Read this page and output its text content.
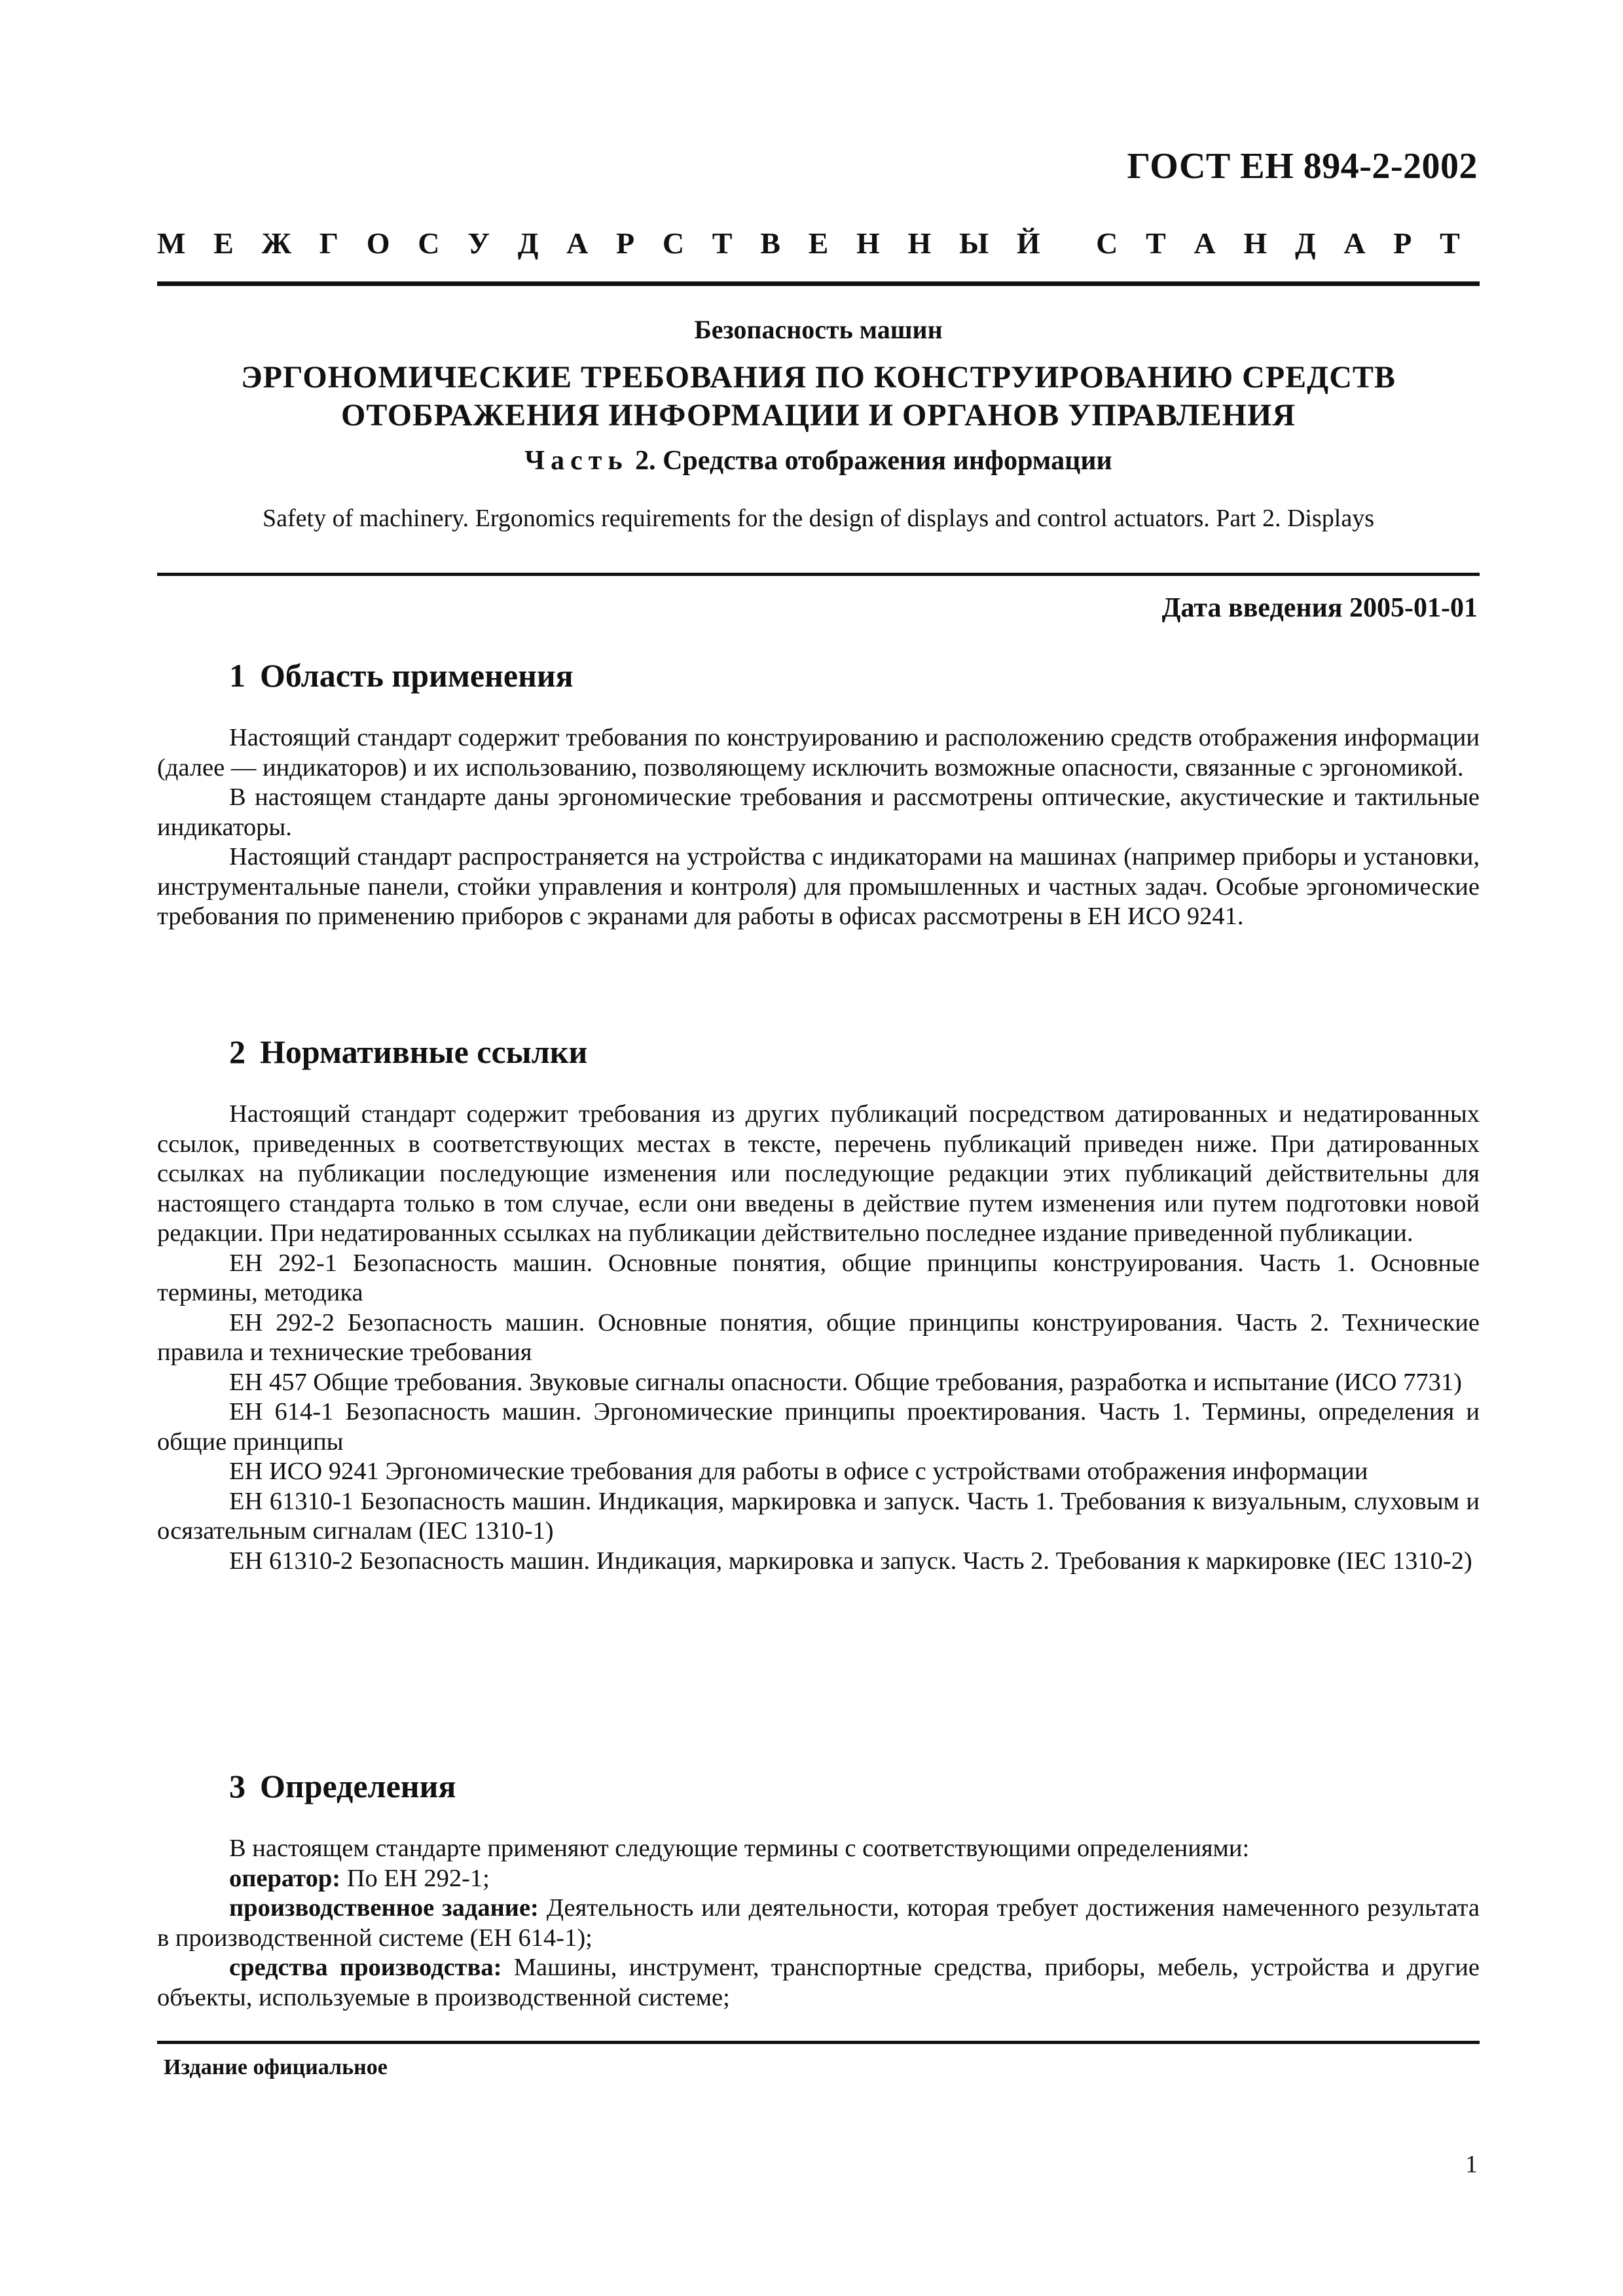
ГОСТ ЕН 894-2-2002
М Е Ж Г О С У Д А Р С Т В Е Н Н Ы Й С Т А Н Д А Р Т
Безопасность машин
ЭРГОНОМИЧЕСКИЕ ТРЕБОВАНИЯ ПО КОНСТРУИРОВАНИЮ СРЕДСТВ
ОТОБРАЖЕНИЯ ИНФОРМАЦИИ И ОРГАНОВ УПРАВЛЕНИЯ
Часть 2. Средства отображения информации
Safety of machinery. Ergonomics requirements for the design of displays and control actuators. Part 2. Displays
Дата введения 2005-01-01
1 Область применения

Настоящий стандарт содержит требования по конструированию и расположению средств отображения информации (далее — индикаторов) и их использованию, позволяющему исключить возможные опасности, связанные с эргономикой.

В настоящем стандарте даны эргономические требования и рассмотрены оптические, акустические и тактильные индикаторы.

Настоящий стандарт распространяется на устройства с индикаторами на машинах (например приборы и установки, инструментальные панели, стойки управления и контроля) для промышленных и частных задач. Особые эргономические требования по применению приборов с экранами для работы в офисах рассмотрены в ЕН ИСО 9241.

2 Нормативные ссылки

Настоящий стандарт содержит требования из других публикаций посредством датированных и недатированных ссылок, приведенных в соответствующих местах в тексте, перечень публикаций приведен ниже. При датированных ссылках на публикации последующие изменения или последующие редакции этих публикаций действительны для настоящего стандарта только в том случае, если они введены в действие путем изменения или путем подготовки новой редакции. При недатированных ссылках на публикации действительно последнее издание приведенной публикации.

ЕН 292-1 Безопасность машин. Основные понятия, общие принципы конструирования. Часть 1. Основные термины, методика

ЕН 292-2 Безопасность машин. Основные понятия, общие принципы конструирования. Часть 2. Технические правила и технические требования

ЕН 457 Общие требования. Звуковые сигналы опасности. Общие требования, разработка и испытание (ИСО 7731)

ЕН 614-1 Безопасность машин. Эргономические принципы проектирования. Часть 1. Термины, определения и общие принципы

ЕН ИСО 9241 Эргономические требования для работы в офисе с устройствами отображения информации

ЕН 61310-1 Безопасность машин. Индикация, маркировка и запуск. Часть 1. Требования к визуальным, слуховым и осязательным сигналам (IEC 1310-1)

ЕН 61310-2 Безопасность машин. Индикация, маркировка и запуск. Часть 2. Требования к маркировке (IEC 1310-2)

3 Определения

В настоящем стандарте применяют следующие термины с соответствующими определениями:

оператор: По ЕН 292-1;

производственное задание: Деятельность или деятельности, которая требует достижения намеченного результата в производственной системе (ЕН 614-1);

средства производства: Машины, инструмент, транспортные средства, приборы, мебель, устройства и другие объекты, используемые в производственной системе;

Издание официальное
1
